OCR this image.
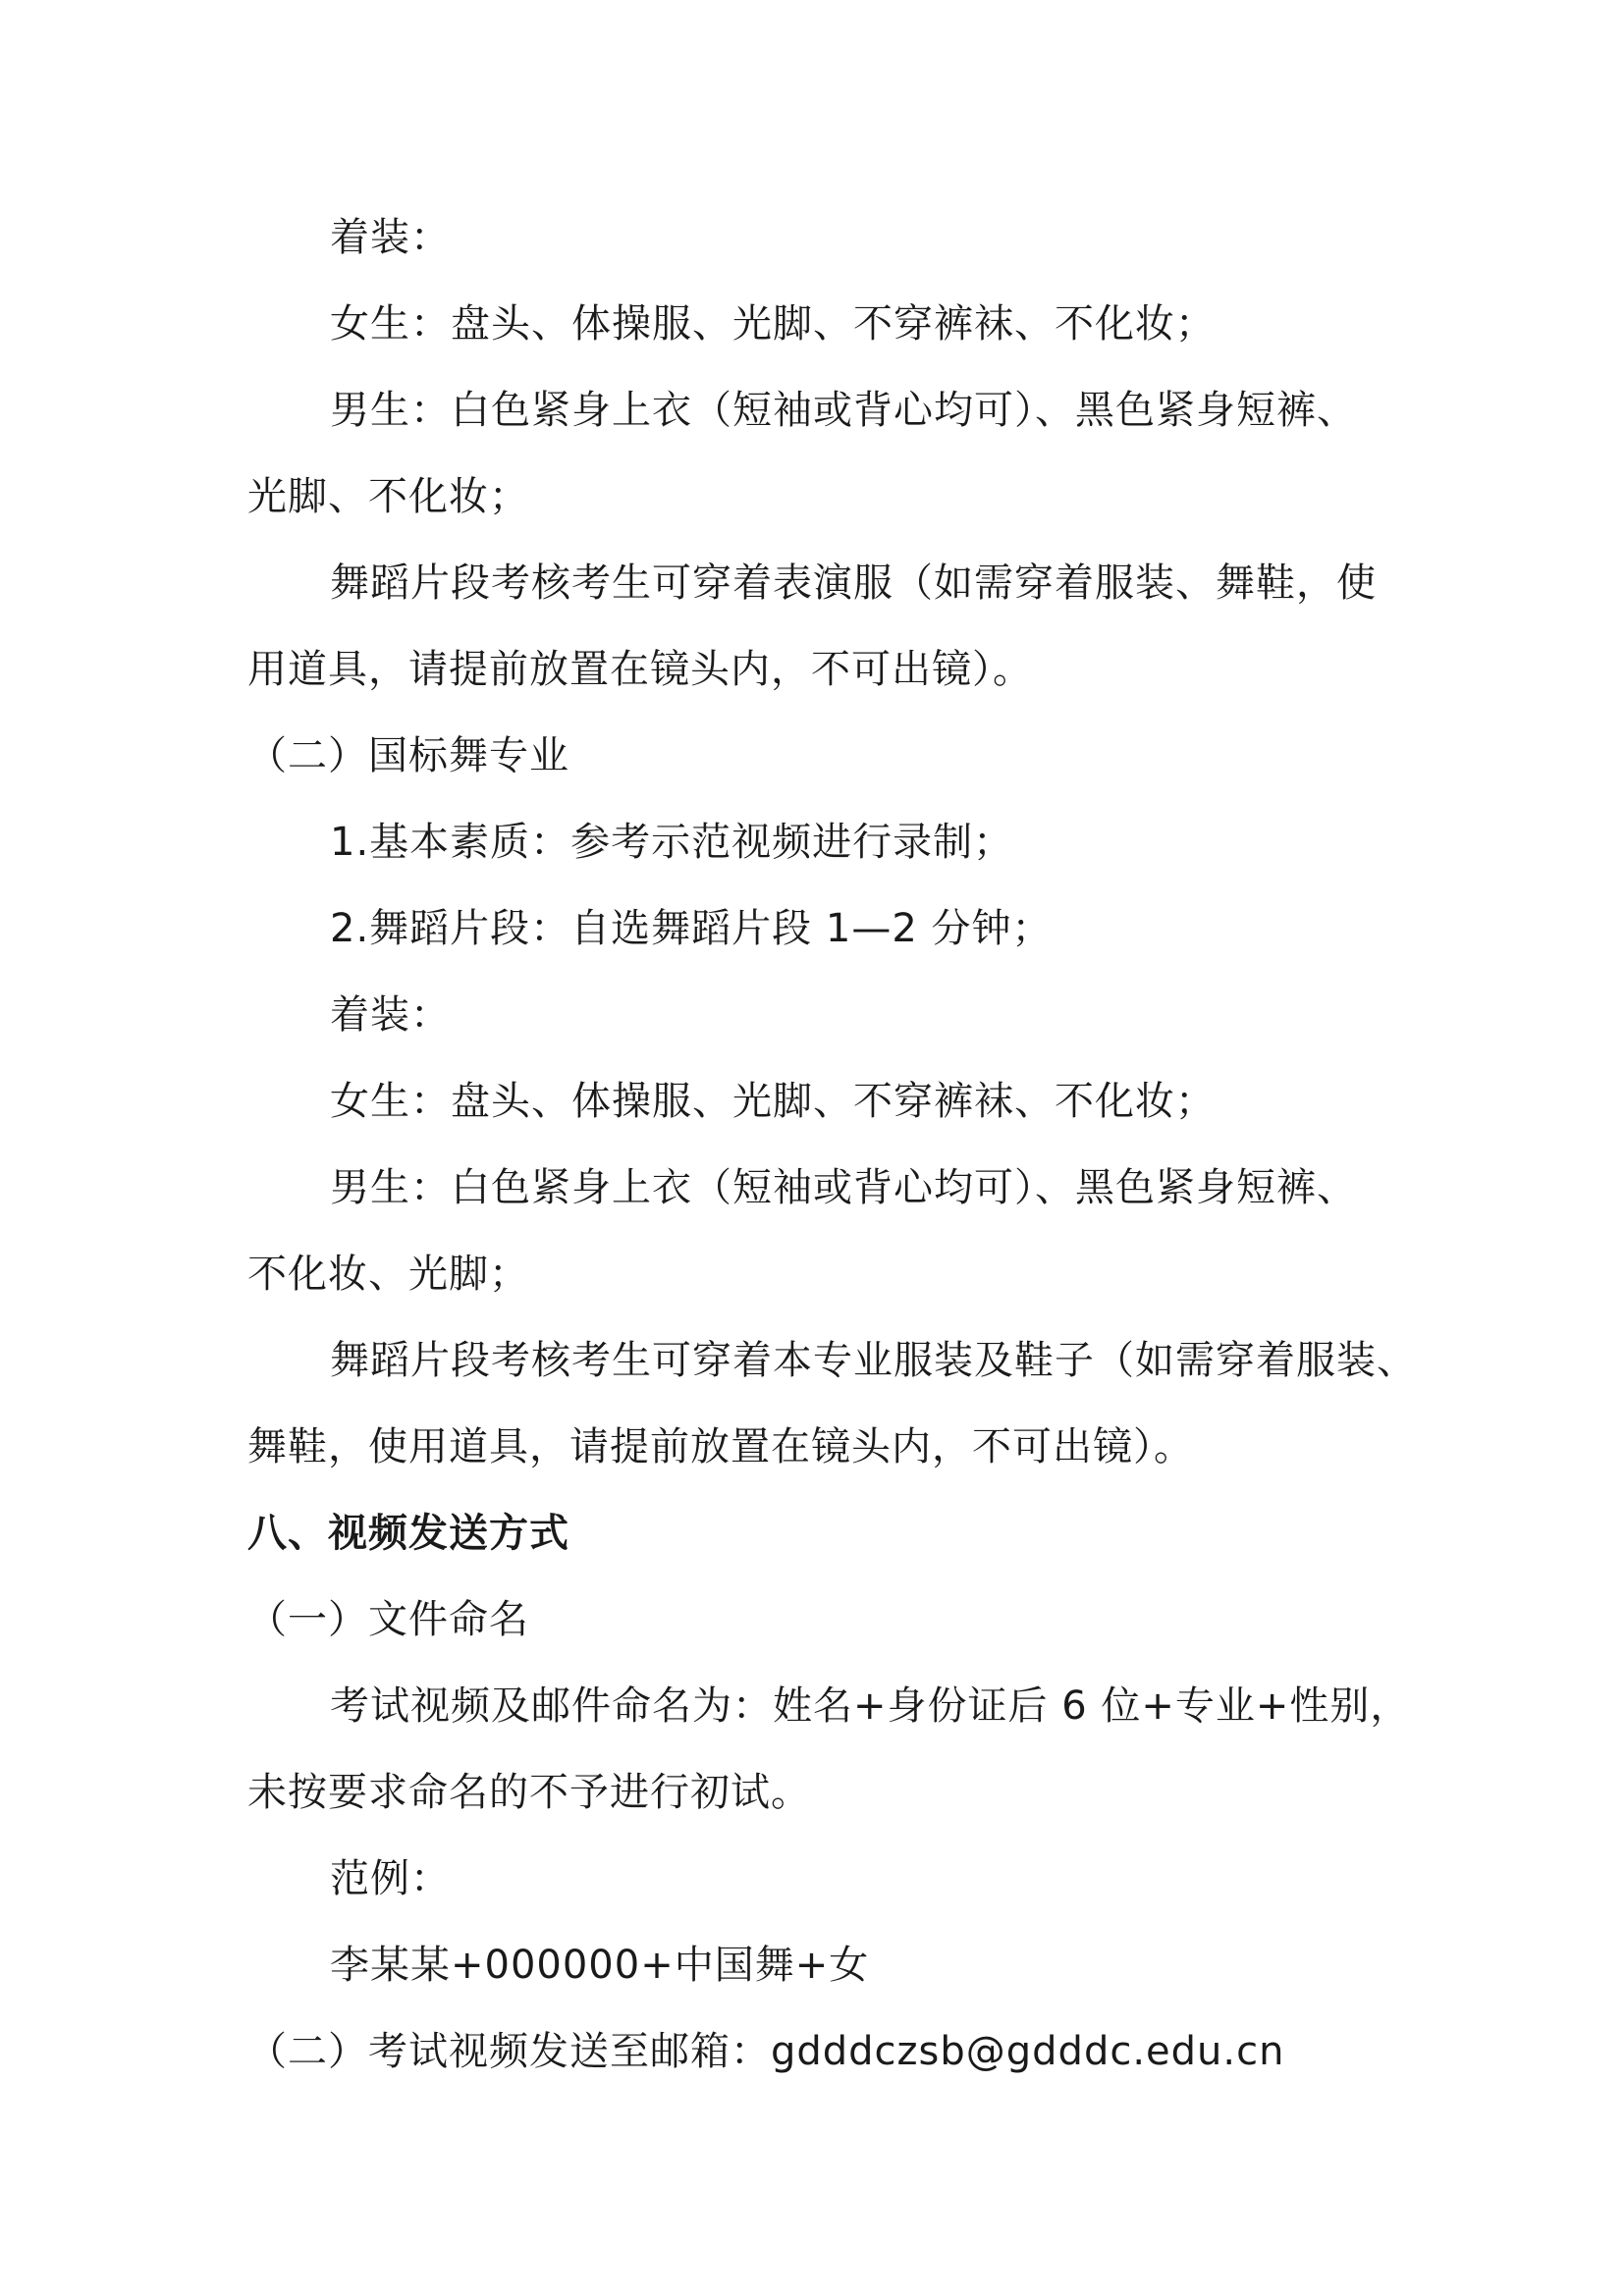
着装：
女生：盘头、体操服、光脚、不穿裤袜、不化妆；
男生：白色紧身上衣（短袖或背心均可）、黑色紧身短裤、
光脚、不化妆；
舞蹈片段考核考生可穿着表演服（如需穿着服装、舞鞋，使
用道具，请提前放置在镜头内，不可出镜）。
（二）国标舞专业
1.基本素质：参考示范视频进行录制；
2.舞蹈片段：自选舞蹈片段 1—2 分钟；
着装：
女生：盘头、体操服、光脚、不穿裤袜、不化妆；
男生：白色紧身上衣（短袖或背心均可）、黑色紧身短裤、
不化妆、光脚；
舞蹈片段考核考生可穿着本专业服装及鞋子（如需穿着服装、
舞鞋，使用道具，请提前放置在镜头内，不可出镜）。
八、视频发送方式
（一）文件命名
考试视频及邮件命名为：姓名+身份证后 6 位+专业+性别，
未按要求命名的不予进行初试。
范例：
李某某+000000+中国舞+女
（二）考试视频发送至邮箱：gdddczsb@gdddc.edu.cn
